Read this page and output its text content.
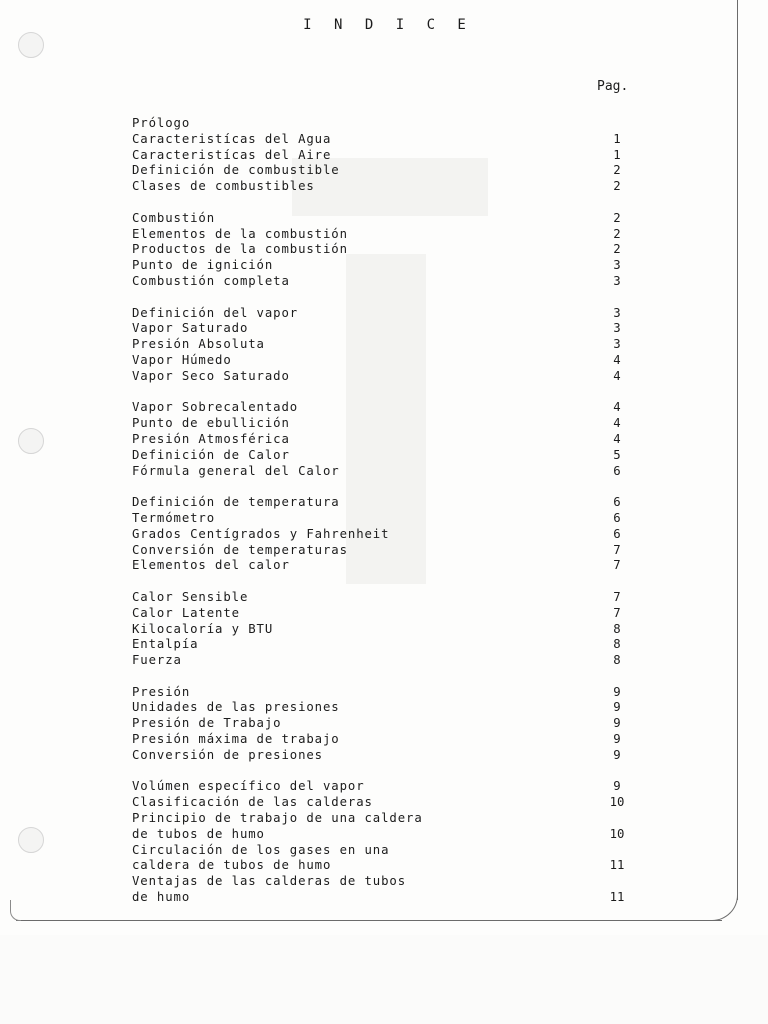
I N D I C E
Pag.
Prólogo
Caracteristícas del Agua	1
Caracteristícas del Aire	1
Definición de combustible	2
Clases de combustibles	2
Combustión	2
Elementos de la combustión	2
Productos de la combustión	2
Punto de ignición	3
Combustión completa	3
Definición del vapor	3
Vapor Saturado	3
Presión Absoluta	3
Vapor Húmedo	4
Vapor Seco Saturado	4
Vapor Sobrecalentado	4
Punto de ebullición	4
Presión Atmosférica	4
Definición de Calor	5
Fórmula general del Calor	6
Definición de temperatura	6
Termómetro	6
Grados Centígrados y Fahrenheit	6
Conversión de temperaturas	7
Elementos del calor	7
Calor Sensible	7
Calor Latente	7
Kilocaloría y BTU	8
Entalpía	8
Fuerza	8
Presión	9
Unidades de las presiones	9
Presión de Trabajo	9
Presión máxima de trabajo	9
Conversión de presiones	9
Volúmen específico del vapor	9
Clasificación de las calderas	10
Principio de trabajo de una caldera
de tubos de humo	10
Circulación de los gases en una
caldera de tubos de humo	11
Ventajas de las calderas de tubos
de humo	11
